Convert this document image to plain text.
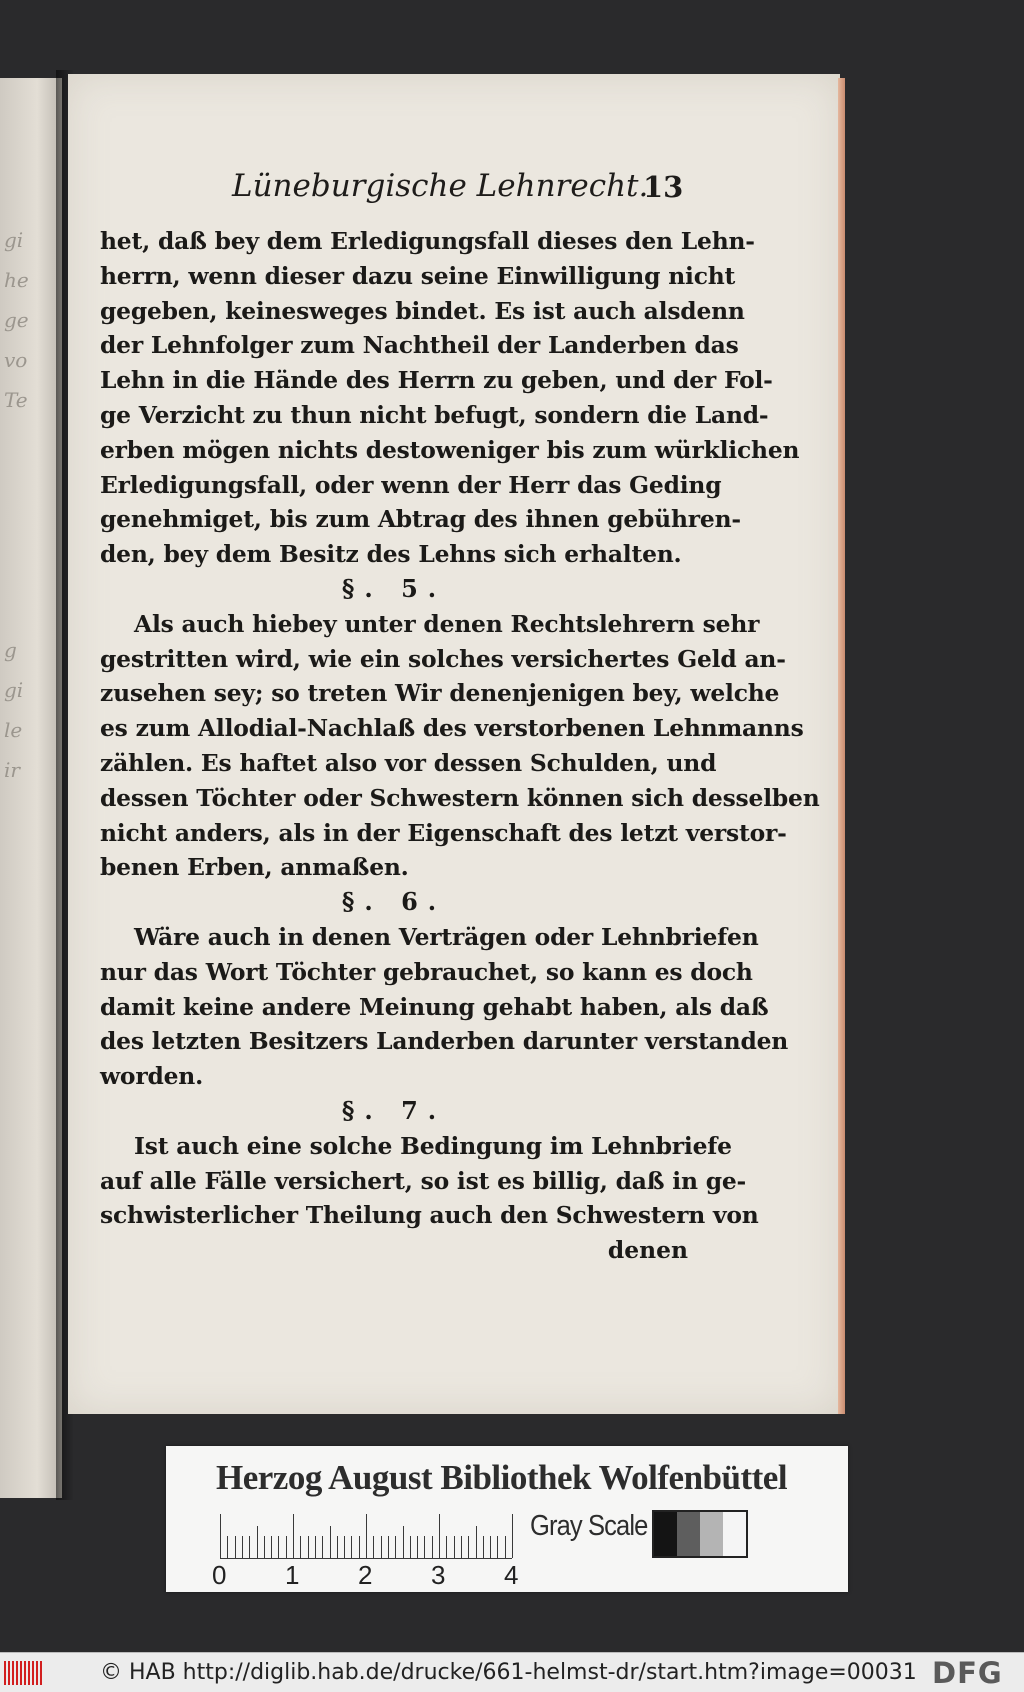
gi
he
ge
vo
Te
g
gi
le
ir
Lüneburgische Lehnrecht.
13
het, daß bey dem Erledigungsfall dieses den Lehn-
herrn, wenn dieser dazu seine Einwilligung nicht
gegeben, keinesweges bindet. Es ist auch alsdenn
der Lehnfolger zum Nachtheil der Landerben das
Lehn in die Hände des Herrn zu geben, und der Fol-
ge Verzicht zu thun nicht befugt, sondern die Land-
erben mögen nichts destoweniger bis zum würklichen
Erledigungsfall, oder wenn der Herr das Geding
genehmiget, bis zum Abtrag des ihnen gebühren-
den, bey dem Besitz des Lehns sich erhalten.
§. 5.
Als auch hiebey unter denen Rechtslehrern sehr
gestritten wird, wie ein solches versichertes Geld an-
zusehen sey; so treten Wir denenjenigen bey, welche
es zum Allodial-Nachlaß des verstorbenen Lehnmanns
zählen. Es haftet also vor dessen Schulden, und
dessen Töchter oder Schwestern können sich desselben
nicht anders, als in der Eigenschaft des letzt verstor-
benen Erben, anmaßen.
§. 6.
Wäre auch in denen Verträgen oder Lehnbriefen
nur das Wort Töchter gebrauchet, so kann es doch
damit keine andere Meinung gehabt haben, als daß
des letzten Besitzers Landerben darunter verstanden
worden.
§. 7.
Ist auch eine solche Bedingung im Lehnbriefe
auf alle Fälle versichert, so ist es billig, daß in ge-
schwisterlicher Theilung auch den Schwestern von
denen
Herzog August Bibliothek Wolfenbüttel
0 1 2 3 4
Gray Scale
© HAB http://diglib.hab.de/drucke/661-helmst-dr/start.htm?image=00031 DFG
